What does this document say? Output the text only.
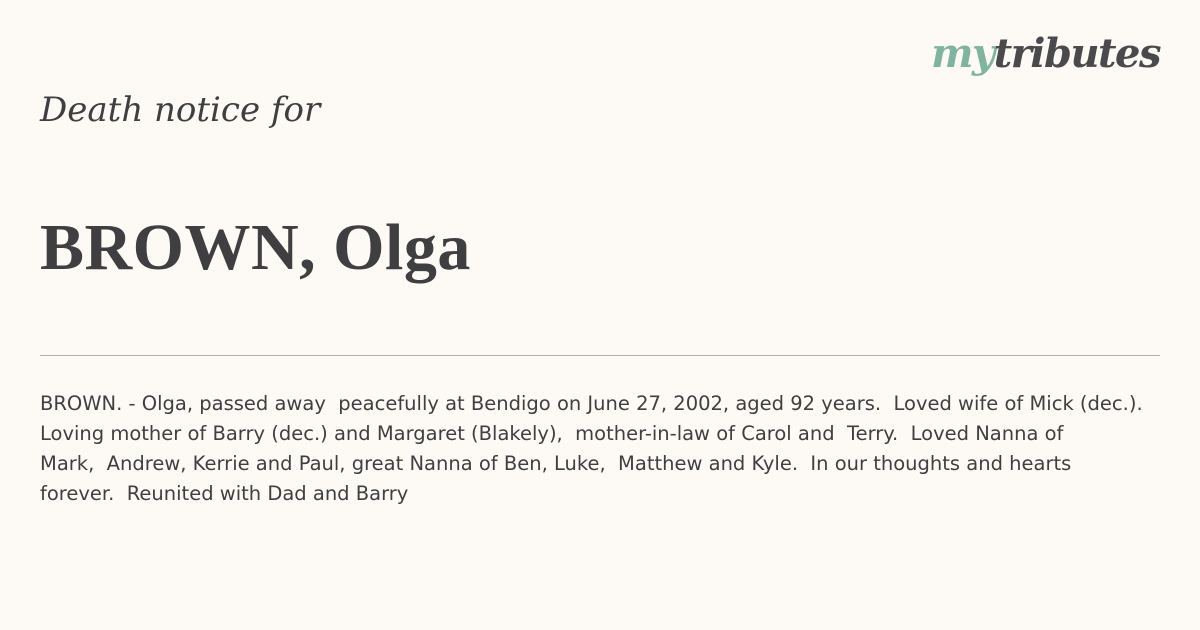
mytributes
Death notice for
BROWN, Olga

BROWN. - Olga, passed away  peacefully at Bendigo on June 27, 2002, aged 92 years.  Loved wife of Mick (dec.).
Loving mother of Barry (dec.) and Margaret (Blakely),  mother-in-law of Carol and  Terry.  Loved Nanna of
Mark,  Andrew, Kerrie and Paul, great Nanna of Ben, Luke,  Matthew and Kyle.  In our thoughts and hearts
forever.  Reunited with Dad and Barry
